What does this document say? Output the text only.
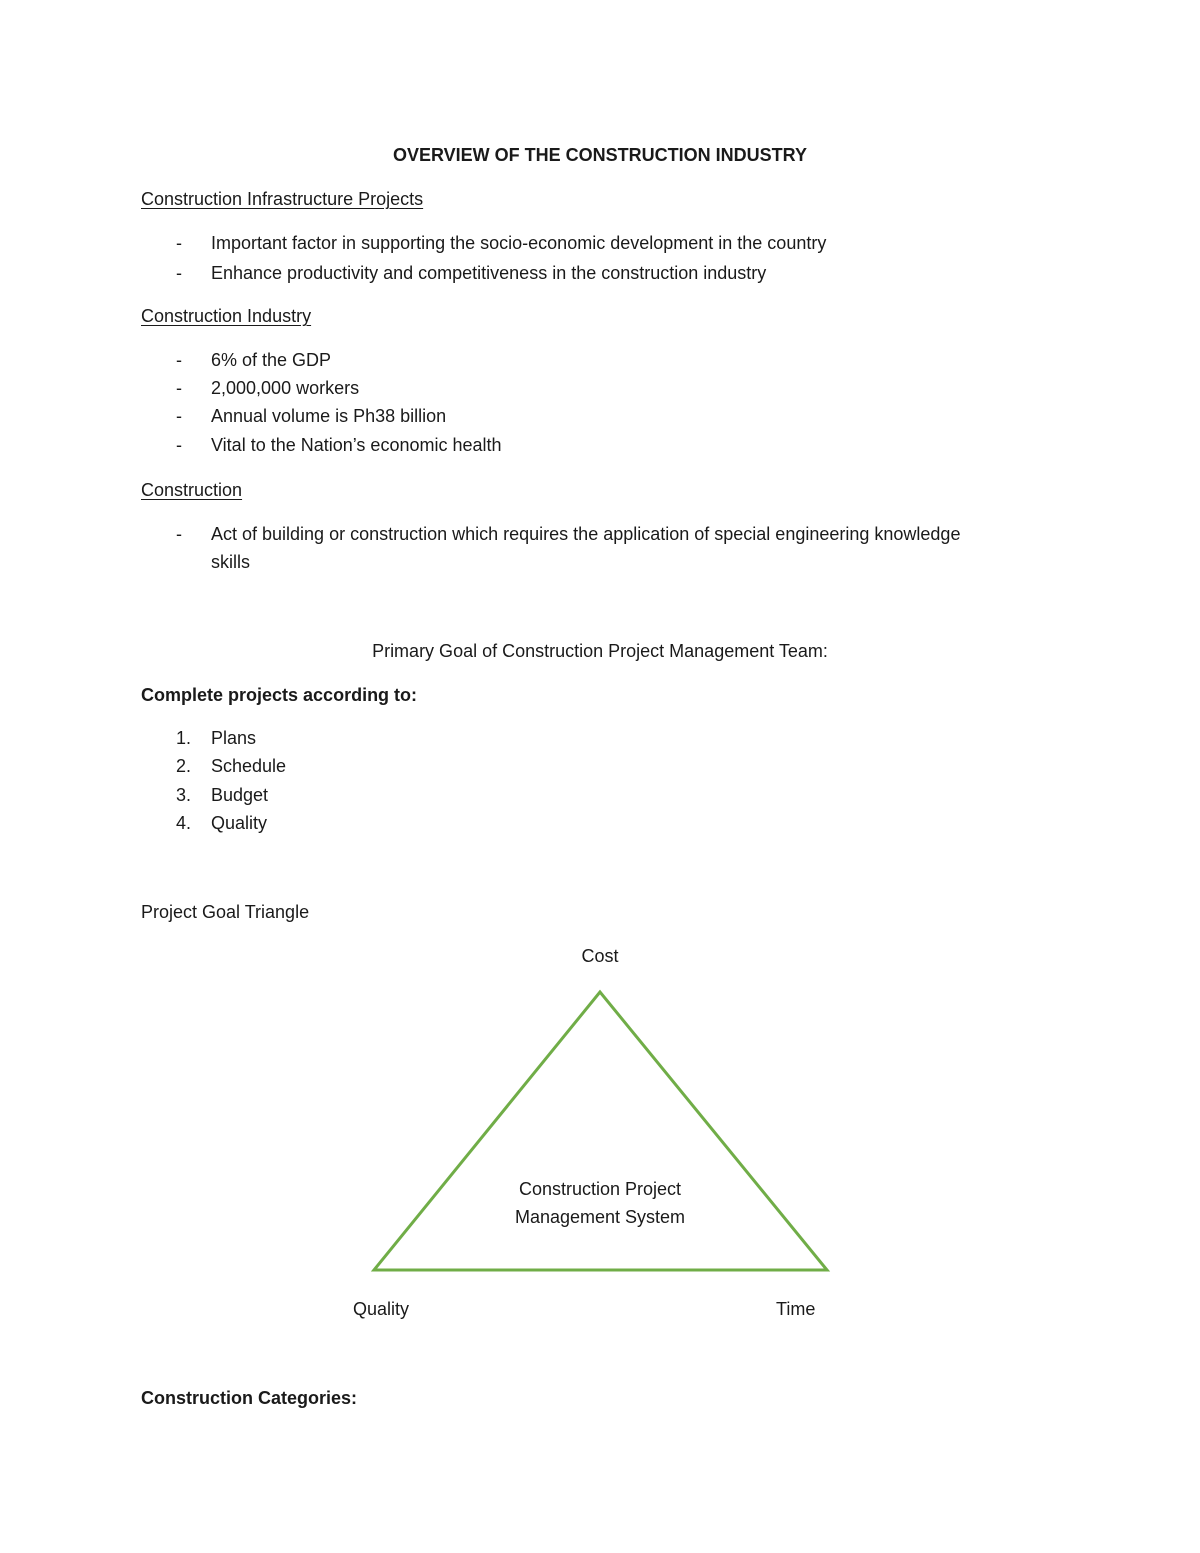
OVERVIEW OF THE CONSTRUCTION INDUSTRY
Construction Infrastructure Projects
- Important factor in supporting the socio-economic development in the country
- Enhance productivity and competitiveness in the construction industry
Construction Industry
- 6% of the GDP
- 2,000,000 workers
- Annual volume is Ph38 billion
- Vital to the Nation’s economic health
Construction
- Act of building or construction which requires the application of special engineering knowledge
skills
Primary Goal of Construction Project Management Team:
Complete projects according to:
1. Plans
2. Schedule
3. Budget
4. Quality
Project Goal Triangle
Cost
Construction Project
Management System
Quality	Time
Construction Categories:
